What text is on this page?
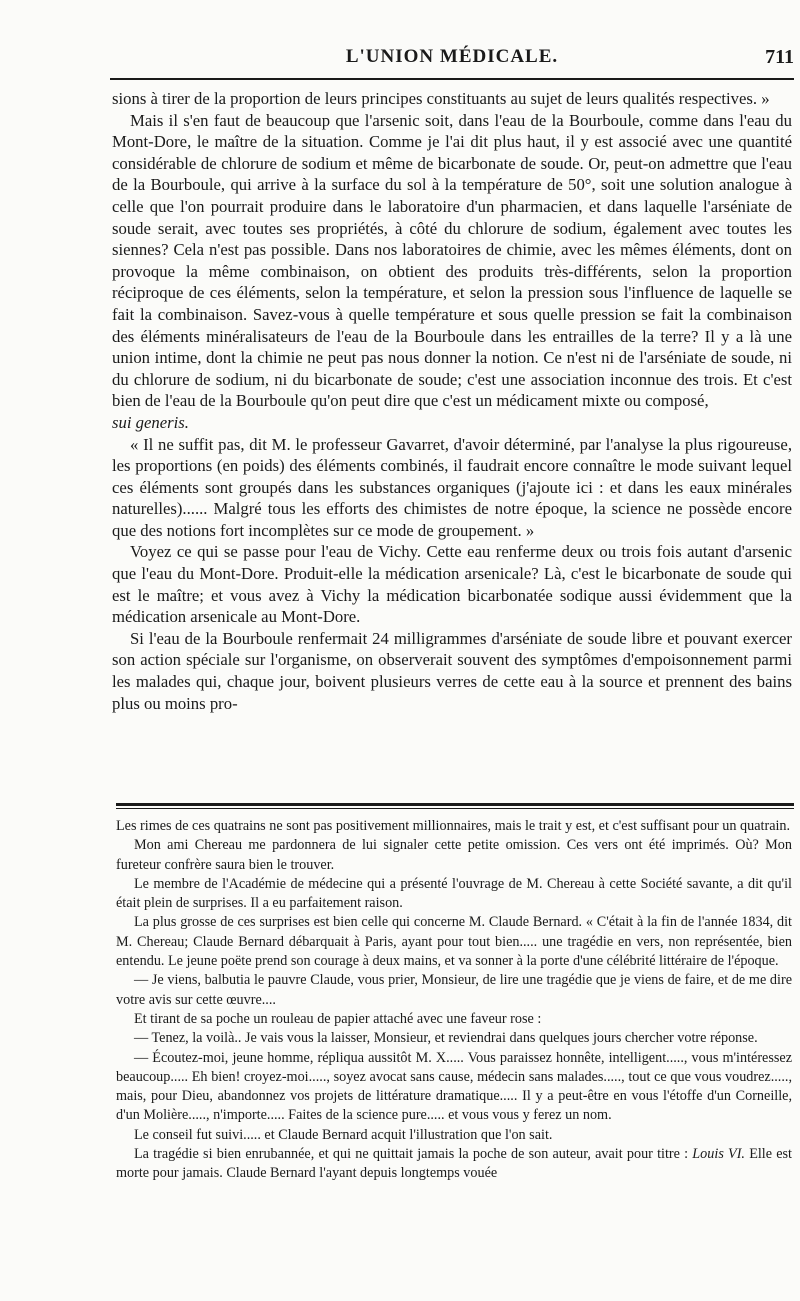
L'UNION MÉDICALE.	711

sions à tirer de la proportion de leurs principes constituants au sujet de leurs qualités respectives. »

Mais il s'en faut de beaucoup que l'arsenic soit, dans l'eau de la Bourboule, comme dans l'eau du Mont-Dore, le maître de la situation. Comme je l'ai dit plus haut, il y est associé avec une quantité considérable de chlorure de sodium et même de bicarbonate de soude. Or, peut-on admettre que l'eau de la Bourboule, qui arrive à la surface du sol à la température de 50°, soit une solution analogue à celle que l'on pourrait produire dans le laboratoire d'un pharmacien, et dans laquelle l'arséniate de soude serait, avec toutes ses propriétés, à côté du chlorure de sodium, également avec toutes les siennes? Cela n'est pas possible. Dans nos laboratoires de chimie, avec les mêmes éléments, dont on provoque la même combinaison, on obtient des produits très-différents, selon la proportion réciproque de ces éléments, selon la température, et selon la pression sous l'influence de laquelle se fait la combinaison. Savez-vous à quelle température et sous quelle pression se fait la combinaison des éléments minéralisateurs de l'eau de la Bourboule dans les entrailles de la terre? Il y a là une union intime, dont la chimie ne peut pas nous donner la notion. Ce n'est ni de l'arséniate de soude, ni du chlorure de sodium, ni du bicarbonate de soude; c'est une association inconnue des trois. Et c'est bien de l'eau de la Bourboule qu'on peut dire que c'est un médicament mixte ou composé,
sui generis.

« Il ne suffit pas, dit M. le professeur Gavarret, d'avoir déterminé, par l'analyse la plus rigoureuse, les proportions (en poids) des éléments combinés, il faudrait encore connaître le mode suivant lequel ces éléments sont groupés dans les substances organiques (j'ajoute ici : et dans les eaux minérales naturelles)...... Malgré tous les efforts des chimistes de notre époque, la science ne possède encore que des notions fort incomplètes sur ce mode de groupement. »

Voyez ce qui se passe pour l'eau de Vichy. Cette eau renferme deux ou trois fois autant d'arsenic que l'eau du Mont-Dore. Produit-elle la médication arsenicale? Là, c'est le bicarbonate de soude qui est le maître; et vous avez à Vichy la médication bicarbonatée sodique aussi évidemment que la médication arsenicale au Mont-Dore.

Si l'eau de la Bourboule renfermait 24 milligrammes d'arséniate de soude libre et pouvant exercer son action spéciale sur l'organisme, on observerait souvent des symptômes d'empoisonnement parmi les malades qui, chaque jour, boivent plusieurs verres de cette eau à la source et prennent des bains plus ou moins pro-

Les rimes de ces quatrains ne sont pas positivement millionnaires, mais le trait y est, et c'est suffisant pour un quatrain.

Mon ami Chereau me pardonnera de lui signaler cette petite omission. Ces vers ont été imprimés. Où? Mon fureteur confrère saura bien le trouver.

Le membre de l'Académie de médecine qui a présenté l'ouvrage de M. Chereau à cette Société savante, a dit qu'il était plein de surprises. Il a eu parfaitement raison.

La plus grosse de ces surprises est bien celle qui concerne M. Claude Bernard. « C'était à la fin de l'année 1834, dit M. Chereau; Claude Bernard débarquait à Paris, ayant pour tout bien..... une tragédie en vers, non représentée, bien entendu. Le jeune poëte prend son courage à deux mains, et va sonner à la porte d'une célébrité littéraire de l'époque.

— Je viens, balbutia le pauvre Claude, vous prier, Monsieur, de lire une tragédie que je viens de faire, et de me dire votre avis sur cette œuvre....

Et tirant de sa poche un rouleau de papier attaché avec une faveur rose :

— Tenez, la voilà.. Je vais vous la laisser, Monsieur, et reviendrai dans quelques jours chercher votre réponse.

— Écoutez-moi, jeune homme, répliqua aussitôt M. X..... Vous paraissez honnête, intelligent....., vous m'intéressez beaucoup..... Eh bien! croyez-moi....., soyez avocat sans cause, médecin sans malades....., tout ce que vous voudrez....., mais, pour Dieu, abandonnez vos projets de littérature dramatique..... Il y a peut-être en vous l'étoffe d'un Corneille, d'un Molière....., n'importe..... Faites de la science pure..... et vous vous y ferez un nom.

Le conseil fut suivi..... et Claude Bernard acquit l'illustration que l'on sait.

La tragédie si bien enrubannée, et qui ne quittait jamais la poche de son auteur, avait pour titre : Louis VI. Elle est morte pour jamais. Claude Bernard l'ayant depuis longtemps vouée
